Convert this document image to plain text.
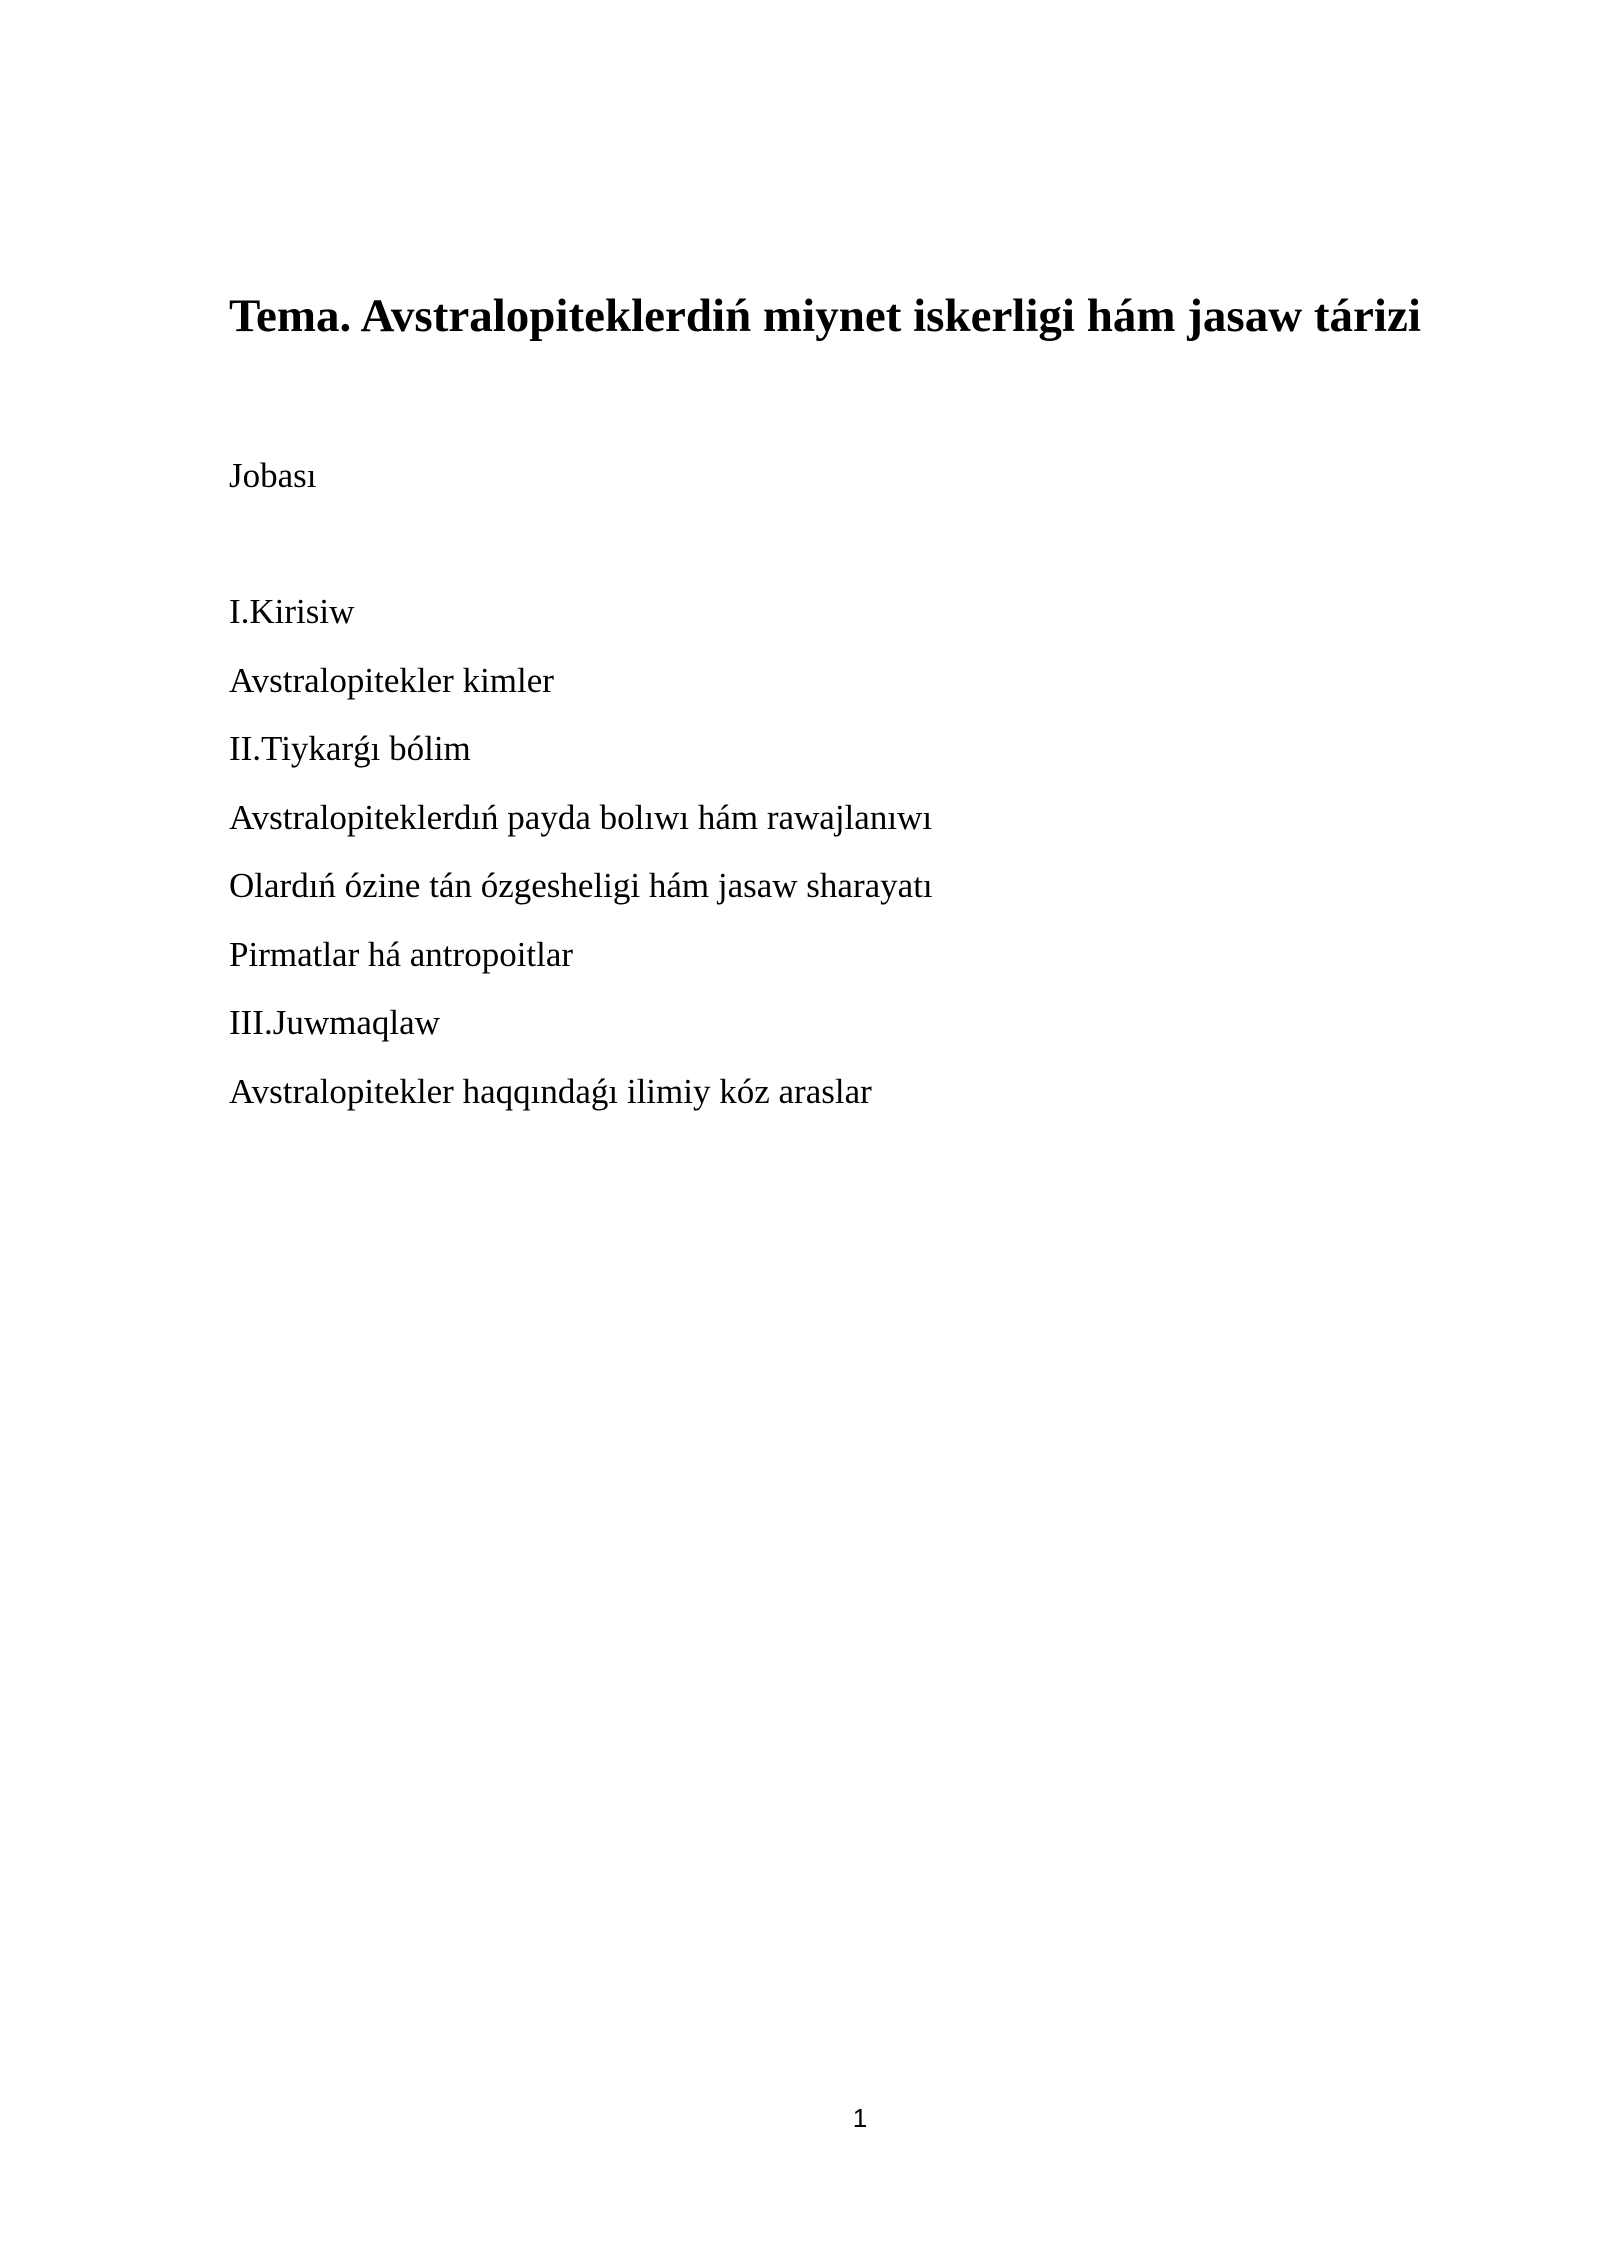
Tema. Avstralopiteklerdiń miynet iskerligi hám jasaw tárizi

Jobası

I.Kirisiw
Avstralopitekler kimler
II.Tiykarǵı bólim
Avstralopiteklerdıń payda bolıwı hám rawajlanıwı
Olardıń ózine tán ózgesheligi hám jasaw sharayatı
Pirmatlar há antropoitlar
III.Juwmaqlaw
Avstralopitekler haqqındaǵı ilimiy kóz araslar
1
